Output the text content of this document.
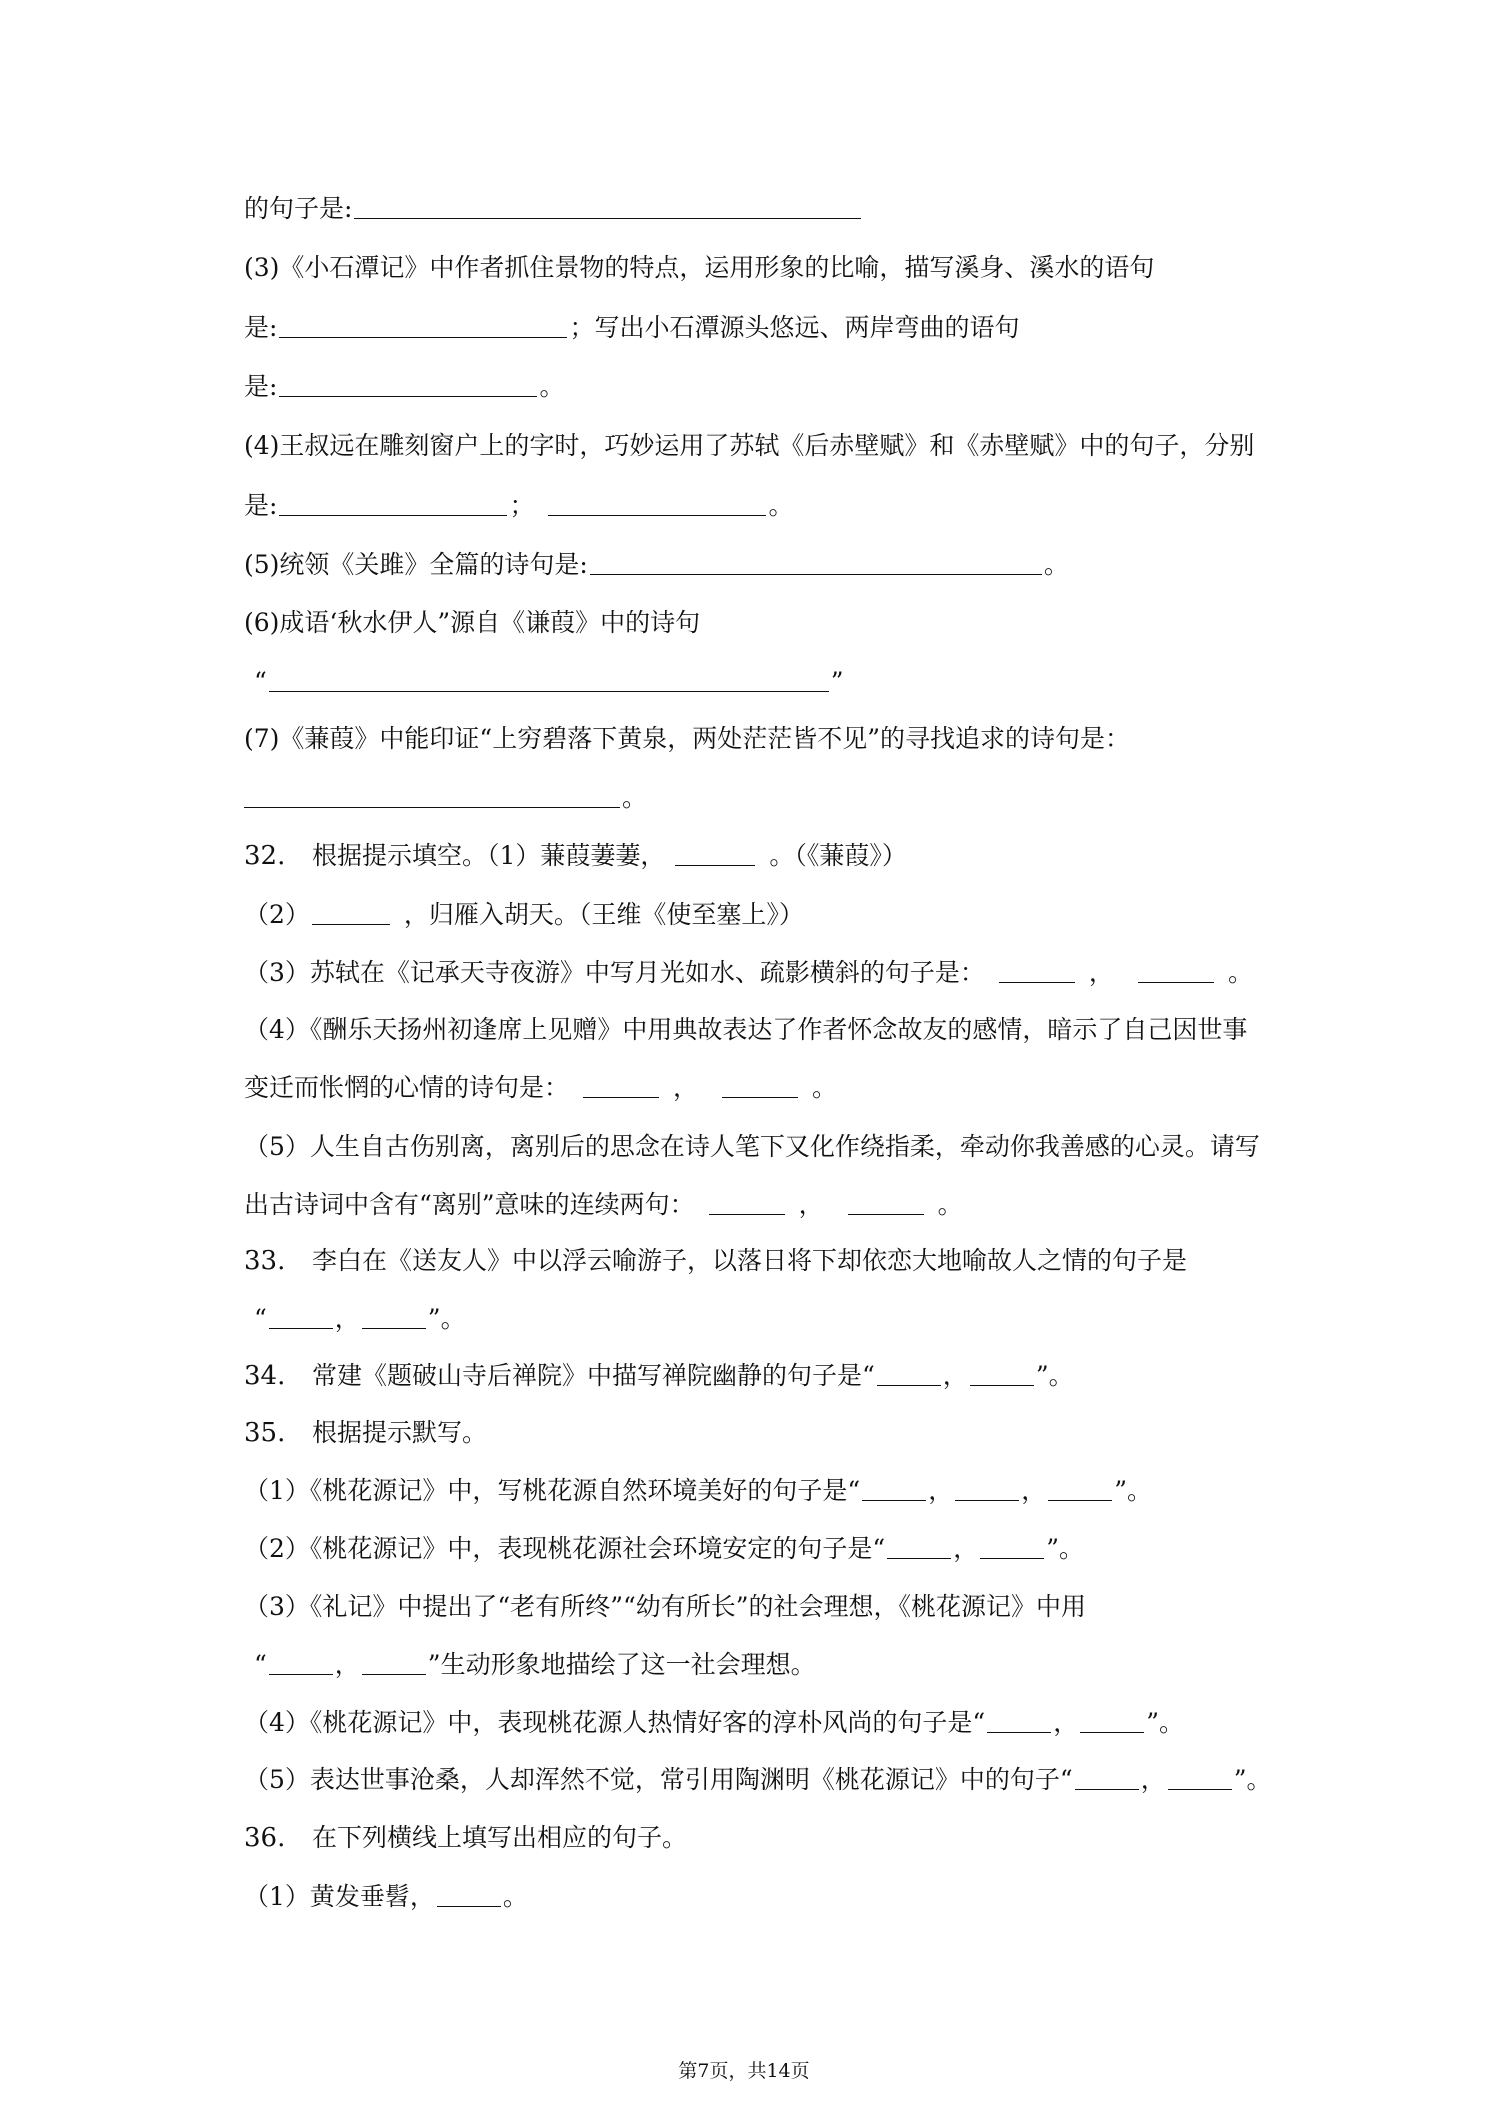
的句子是:
(3)《小石潭记》中作者抓住景物的特点，运用形象的比喻，描写溪身、溪水的语句
是:	；写出小石潭源头悠远、两岸弯曲的语句
是:	。
(4)王叔远在雕刻窗户上的字时，巧妙运用了苏轼《后赤壁赋》和《赤壁赋》中的句子，分别
是:	；	。
(5)统领《关雎》全篇的诗句是:	。
(6)成语‘秋水伊人”源自《谦葭》中的诗句
“	”
(7)《蒹葭》中能印证“上穷碧落下黄泉，两处茫茫皆不见”的寻找追求的诗句是：
。
32. 根据提示填空。（1）蒹葭萋萋，	。（《蒹葭》）
（2）	，归雁入胡天。（王维《使至塞上》）
（3）苏轼在《记承天寺夜游》中写月光如水、疏影横斜的句子是：	，	。
（4）《酬乐天扬州初逢席上见赠》中用典故表达了作者怀念故友的感情，暗示了自己因世事
变迁而怅惘的心情的诗句是：	，	。
（5）人生自古伤别离，离别后的思念在诗人笔下又化作绕指柔，牵动你我善感的心灵。请写
出古诗词中含有“离别”意味的连续两句：	，	。
33. 李白在《送友人》中以浮云喻游子，以落日将下却依恋大地喻故人之情的句子是
“	，	”。
34. 常建《题破山寺后禅院》中描写禅院幽静的句子是“	，	”。
35. 根据提示默写。
（1）《桃花源记》中，写桃花源自然环境美好的句子是“	，	，	”。
（2）《桃花源记》中，表现桃花源社会环境安定的句子是“	，	”。
（3）《礼记》中提出了“老有所终”“幼有所长”的社会理想，《桃花源记》中用
“	，	”生动形象地描绘了这一社会理想。
（4）《桃花源记》中，表现桃花源人热情好客的淳朴风尚的句子是“	，	”。
（5）表达世事沧桑，人却浑然不觉，常引用陶渊明《桃花源记》中的句子“	，	”。
36. 在下列横线上填写出相应的句子。
（1）黄发垂髫，	。
第7页，共14页
